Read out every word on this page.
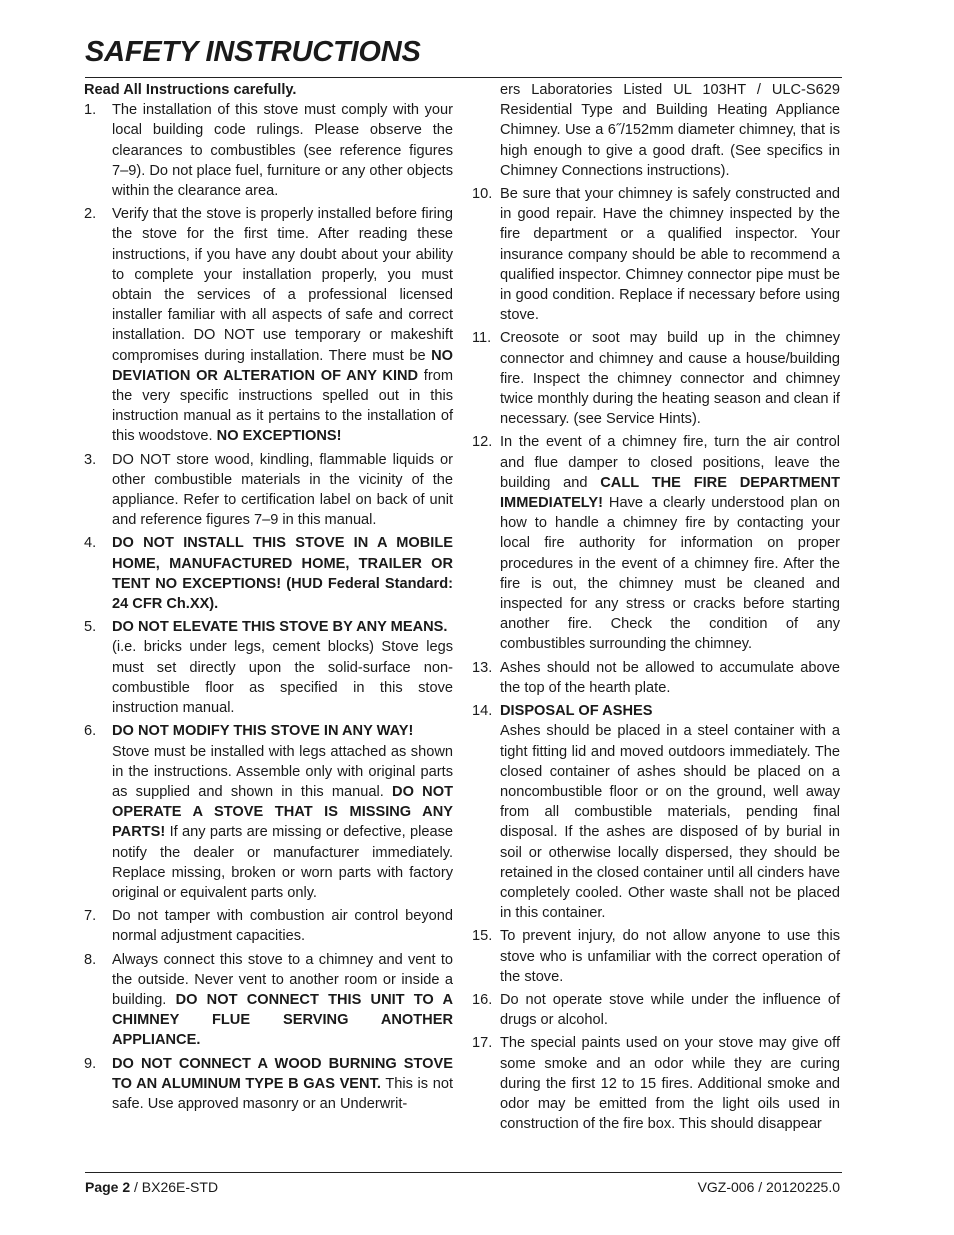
SAFETY INSTRUCTIONS
Read All Instructions carefully.
1.	The installation of this stove must comply with your local building code rulings. Please observe the clearances to combustibles (see reference figures 7–9). Do not place fuel, furniture or any other objects within the clearance area.
2.	Verify that the stove is properly installed before firing the stove for the first time. After reading these instructions, if you have any doubt about your ability to complete your installation properly, you must obtain the services of a professional licensed installer familiar with all aspects of safe and correct installation. DO NOT use temporary or makeshift compromises during installation. There must be NO DEVIATION OR ALTERATION OF ANY KIND from the very specific instructions spelled out in this instruction manual as it pertains to the installation of this woodstove. NO EXCEPTIONS!
3.	DO NOT store wood, kindling, flammable liquids or other combustible materials in the vicinity of the appliance. Refer to certification label on back of unit and reference figures 7–9 in this manual.
4.	DO NOT INSTALL THIS STOVE IN A MOBILE HOME, MANUFACTURED HOME, TRAILER OR TENT NO EXCEPTIONS! (HUD Federal Standard: 24 CFR Ch.XX).
5.	DO NOT ELEVATE THIS STOVE BY ANY MEANS.
(i.e. bricks under legs, cement blocks) Stove legs must set directly upon the solid-surface non-combustible floor as specified in this stove instruction manual.
6.	DO NOT MODIFY THIS STOVE IN ANY WAY!
Stove must be installed with legs attached as shown in the instructions. Assemble only with original parts as supplied and shown in this manual. DO NOT OPERATE A STOVE THAT IS MISSING ANY PARTS! If any parts are missing or defective, please notify the dealer or manufacturer immediately. Replace missing, broken or worn parts with factory original or equivalent parts only.
7.	Do not tamper with combustion air control beyond normal adjustment capacities.
8.	Always connect this stove to a chimney and vent to the outside. Never vent to another room or inside a building. DO NOT CONNECT THIS UNIT TO A CHIMNEY FLUE SERVING ANOTHER APPLIANCE.
9.	DO NOT CONNECT A WOOD BURNING STOVE TO AN ALUMINUM TYPE B GAS VENT. This is not safe. Use approved masonry or an Underwrit-
ers Laboratories Listed UL 103HT / ULC-S629 Residential Type and Building Heating Appliance Chimney. Use a 6˝/152mm diameter chimney, that is high enough to give a good draft. (See specifics in Chimney Connections instructions).
10. Be sure that your chimney is safely constructed and in good repair. Have the chimney inspected by the fire department or a qualified inspector. Your insurance company should be able to recommend a qualified inspector. Chimney connector pipe must be in good condition. Replace if necessary before using stove.
11. Creosote or soot may build up in the chimney connector and chimney and cause a house/building fire. Inspect the chimney connector and chimney twice monthly during the heating season and clean if necessary. (see Service Hints).
12. In the event of a chimney fire, turn the air control and flue damper to closed positions, leave the building and CALL THE FIRE DEPARTMENT IMMEDIATELY! Have a clearly understood plan on how to handle a chimney fire by contacting your local fire authority for information on proper procedures in the event of a chimney fire. After the fire is out, the chimney must be cleaned and inspected for any stress or cracks before starting another fire. Check the condition of any combustibles surrounding the chimney.
13. Ashes should not be allowed to accumulate above the top of the hearth plate.
14. DISPOSAL OF ASHES
Ashes should be placed in a steel container with a tight fitting lid and moved outdoors immediately. The closed container of ashes should be placed on a noncombustible floor or on the ground, well away from all combustible materials, pending final disposal. If the ashes are disposed of by burial in soil or otherwise locally dispersed, they should be retained in the closed container until all cinders have completely cooled. Other waste shall not be placed in this container.
15. To prevent injury, do not allow anyone to use this stove who is unfamiliar with the correct operation of the stove.
16. Do not operate stove while under the influence of drugs or alcohol.
17. The special paints used on your stove may give off some smoke and an odor while they are curing during the first 12 to 15 fires. Additional smoke and odor may be emitted from the light oils used in construction of the fire box. This should disappear
Page 2 / BX26E-STD	VGZ-006 / 20120225.0
